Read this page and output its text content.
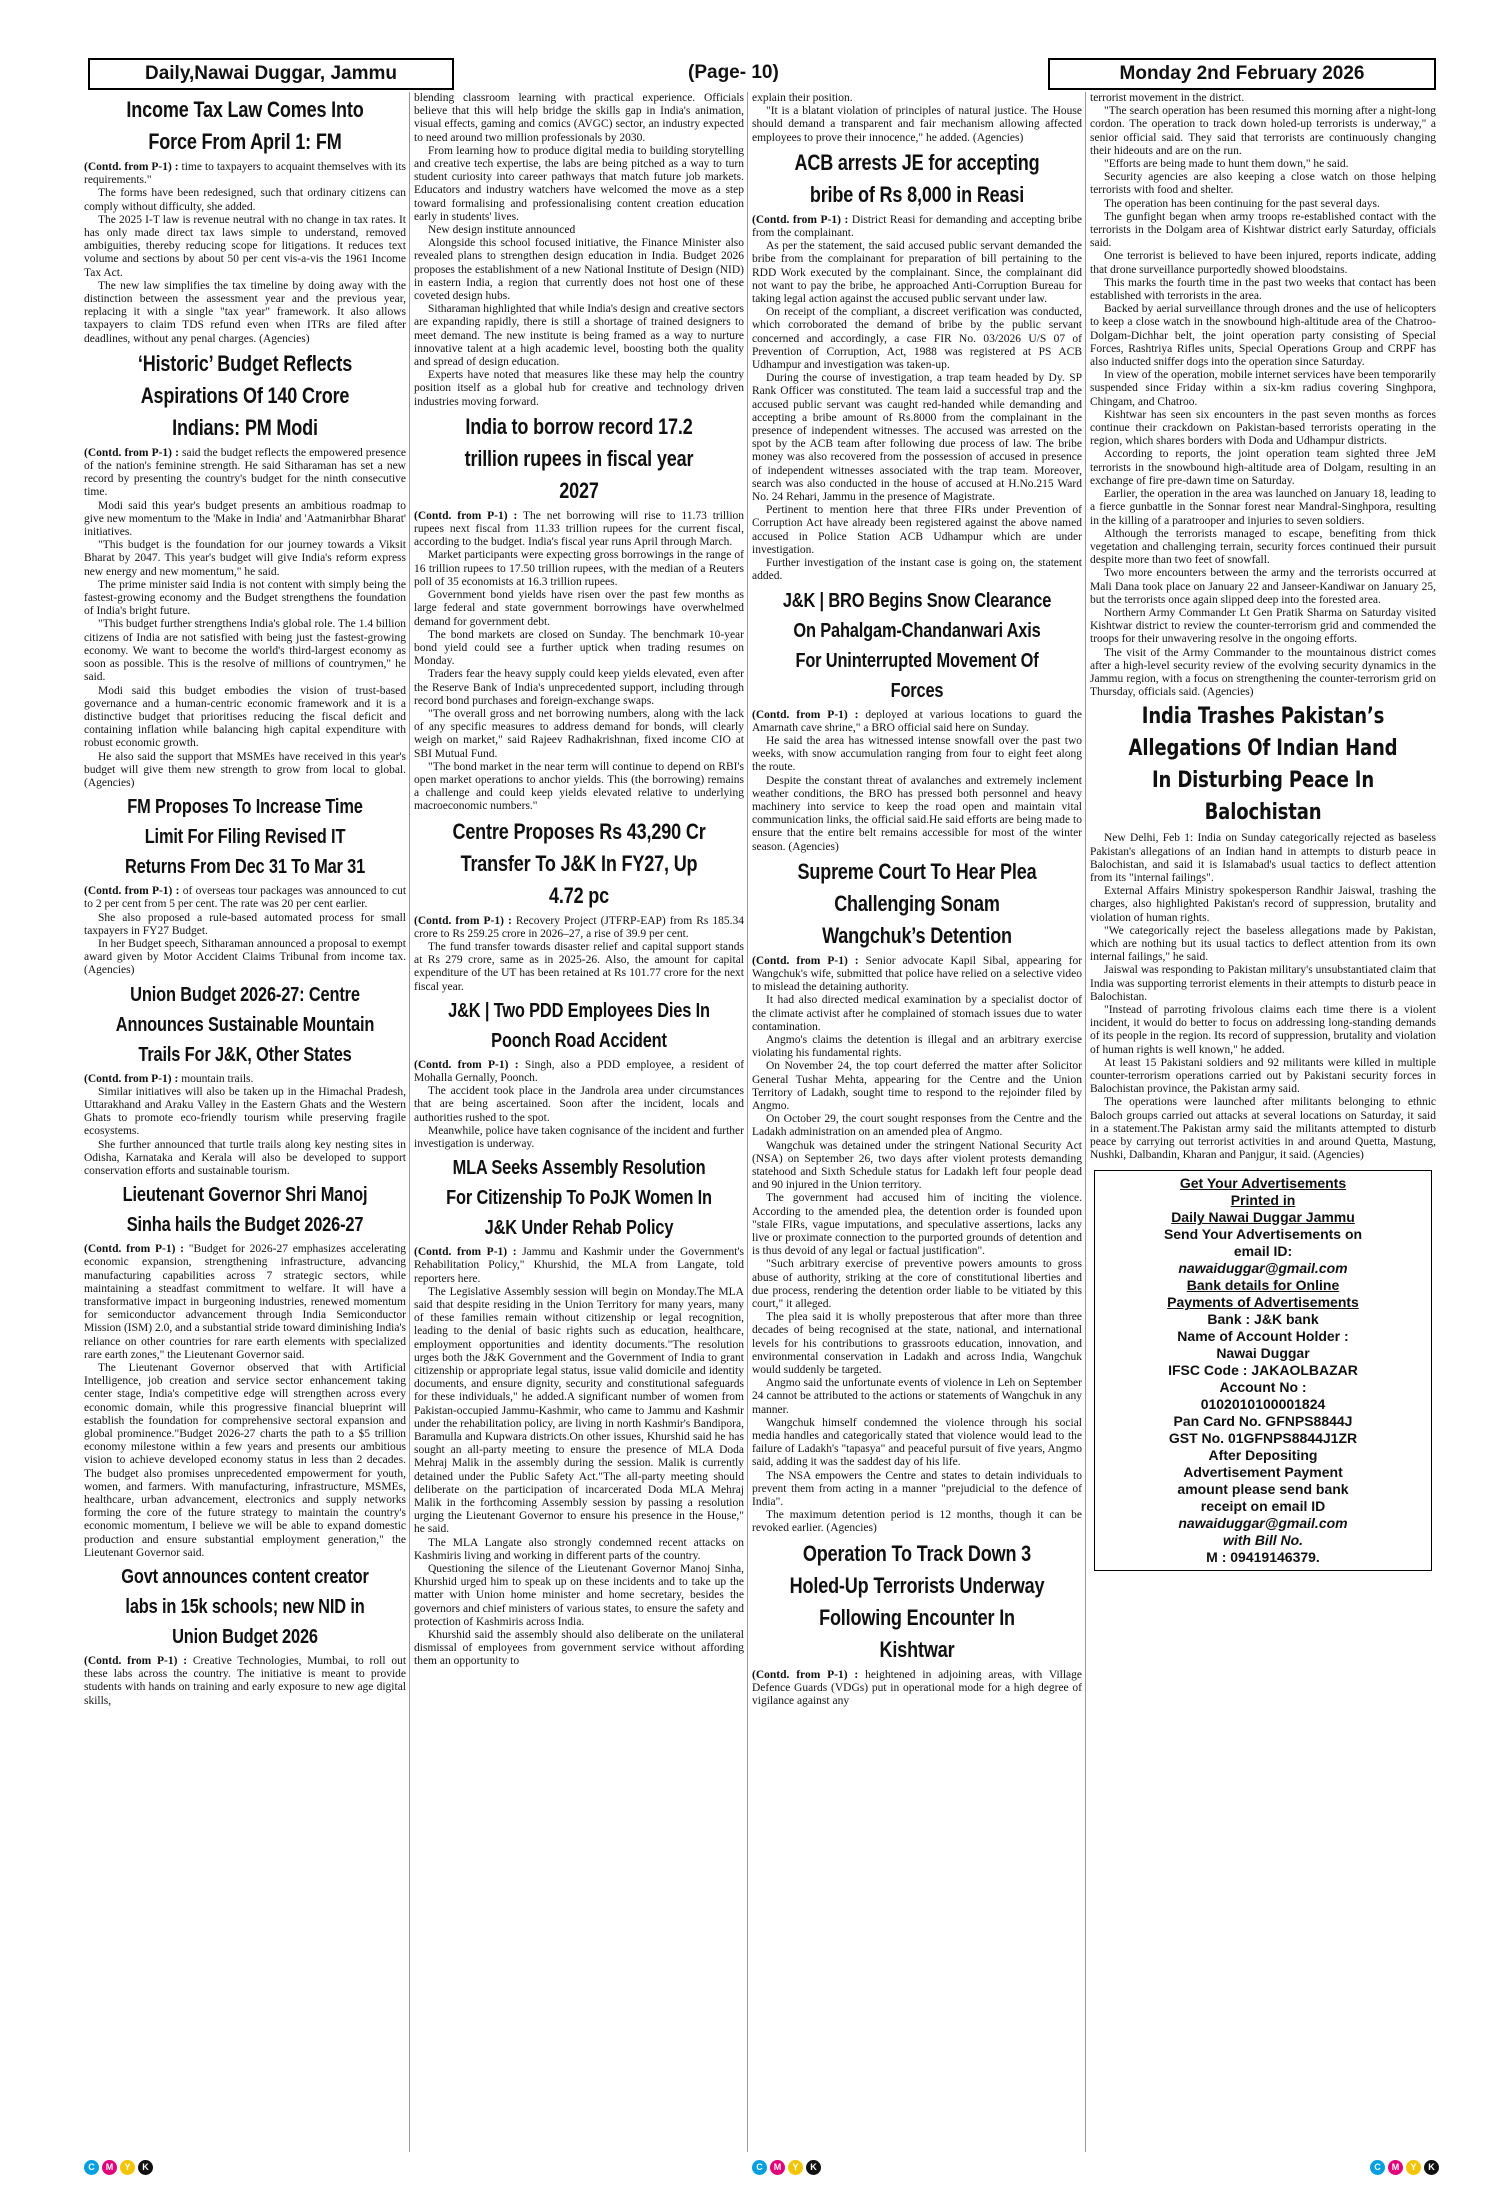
Daily,Nawai Duggar, Jammu	(Page- 10)	Monday 2nd February 2026
Income Tax Law Comes Into Force From April 1: FM

(Contd. from P-1) : time to taxpayers to acquaint themselves with its requirements."

The forms have been redesigned, such that ordinary citizens can comply without difficulty, she added.

The 2025 I-T law is revenue neutral with no change in tax rates. It has only made direct tax laws simple to understand, removed ambiguities, thereby reducing scope for litigations. It reduces text volume and sections by about 50 per cent vis-a-vis the 1961 Income Tax Act.

The new law simplifies the tax timeline by doing away with the distinction between the assessment year and the previous year, replacing it with a single "tax year" framework. It also allows taxpayers to claim TDS refund even when ITRs are filed after deadlines, without any penal charges. (Agencies)

‘Historic’ Budget Reflects Aspirations Of 140 Crore Indians: PM Modi

(Contd. from P-1) : said the budget reflects the empowered presence of the nation's feminine strength. He said Sitharaman has set a new record by presenting the country's budget for the ninth consecutive time.

Modi said this year's budget presents an ambitious roadmap to give new momentum to the 'Make in India' and 'Aatmanirbhar Bharat' initiatives.

"This budget is the foundation for our journey towards a Viksit Bharat by 2047. This year's budget will give India's reform express new energy and new momentum," he said.

The prime minister said India is not content with simply being the fastest-growing economy and the Budget strengthens the foundation of India's bright future.

"This budget further strengthens India's global role. The 1.4 billion citizens of India are not satisfied with being just the fastest-growing economy. We want to become the world's third-largest economy as soon as possible. This is the resolve of millions of countrymen," he said.

Modi said this budget embodies the vision of trust-based governance and a human-centric economic framework and it is a distinctive budget that prioritises reducing the fiscal deficit and containing inflation while balancing high capital expenditure with robust economic growth.

He also said the support that MSMEs have received in this year's budget will give them new strength to grow from local to global. (Agencies)

FM Proposes To Increase Time Limit For Filing Revised IT Returns From Dec 31 To Mar 31

(Contd. from P-1) : of overseas tour packages was announced to cut to 2 per cent from 5 per cent. The rate was 20 per cent earlier.

She also proposed a rule-based automated process for small taxpayers in FY27 Budget.

In her Budget speech, Sitharaman announced a proposal to exempt award given by Motor Accident Claims Tribunal from income tax. (Agencies)

Union Budget 2026-27: Centre Announces Sustainable Mountain Trails For J&K, Other States

(Contd. from P-1) : mountain trails.

Similar initiatives will also be taken up in the Himachal Pradesh, Uttarakhand and Araku Valley in the Eastern Ghats and the Western Ghats to promote eco-friendly tourism while preserving fragile ecosystems.

She further announced that turtle trails along key nesting sites in Odisha, Karnataka and Kerala will also be developed to support conservation efforts and sustainable tourism.

Lieutenant Governor Shri Manoj Sinha hails the Budget 2026-27

(Contd. from P-1) : "Budget for 2026-27 emphasizes accelerating economic expansion, strengthening infrastructure, advancing manufacturing capabilities across 7 strategic sectors, while maintaining a steadfast commitment to welfare. It will have a transformative impact in burgeoning industries, renewed momentum for semiconductor advancement through India Semiconductor Mission (ISM) 2.0, and a substantial stride toward diminishing India's reliance on other countries for rare earth elements with specialized rare earth zones," the Lieutenant Governor said.

The Lieutenant Governor observed that with Artificial Intelligence, job creation and service sector enhancement taking center stage, India's competitive edge will strengthen across every economic domain, while this progressive financial blueprint will establish the foundation for comprehensive sectoral expansion and global prominence."Budget 2026-27 charts the path to a $5 trillion economy milestone within a few years and presents our ambitious vision to achieve developed economy status in less than 2 decades. The budget also promises unprecedented empowerment for youth, women, and farmers. With manufacturing, infrastructure, MSMEs, healthcare, urban advancement, electronics and supply networks forming the core of the future strategy to maintain the country's economic momentum, I believe we will be able to expand domestic production and ensure substantial employment generation," the Lieutenant Governor said.

Govt announces content creator labs in 15k schools; new NID in Union Budget 2026

(Contd. from P-1) : Creative Technologies, Mumbai, to roll out these labs across the country. The initiative is meant to provide students with hands on training and early exposure to new age digital skills,

blending classroom learning with practical experience. Officials believe that this will help bridge the skills gap in India's animation, visual effects, gaming and comics (AVGC) sector, an industry expected to need around two million professionals by 2030.

From learning how to produce digital media to building storytelling and creative tech expertise, the labs are being pitched as a way to turn student curiosity into career pathways that match future job markets. Educators and industry watchers have welcomed the move as a step toward formalising and professionalising content creation education early in students' lives.

New design institute announced

Alongside this school focused initiative, the Finance Minister also revealed plans to strengthen design education in India. Budget 2026 proposes the establishment of a new National Institute of Design (NID) in eastern India, a region that currently does not host one of these coveted design hubs.

Sitharaman highlighted that while India's design and creative sectors are expanding rapidly, there is still a shortage of trained designers to meet demand. The new institute is being framed as a way to nurture innovative talent at a high academic level, boosting both the quality and spread of design education.

Experts have noted that measures like these may help the country position itself as a global hub for creative and technology driven industries moving forward.

India to borrow record 17.2 trillion rupees in fiscal year 2027

(Contd. from P-1) : The net borrowing will rise to 11.73 trillion rupees next fiscal from 11.33 trillion rupees for the current fiscal, according to the budget. India's fiscal year runs April through March.

Market participants were expecting gross borrowings in the range of 16 trillion rupees to 17.50 trillion rupees, with the median of a Reuters poll of 35 economists at 16.3 trillion rupees.

Government bond yields have risen over the past few months as large federal and state government borrowings have overwhelmed demand for government debt.

The bond markets are closed on Sunday. The benchmark 10-year bond yield could see a further uptick when trading resumes on Monday.

Traders fear the heavy supply could keep yields elevated, even after the Reserve Bank of India's unprecedented support, including through record bond purchases and foreign-exchange swaps.

"The overall gross and net borrowing numbers, along with the lack of any specific measures to address demand for bonds, will clearly weigh on market," said Rajeev Radhakrishnan, fixed income CIO at SBI Mutual Fund.

"The bond market in the near term will continue to depend on RBI's open market operations to anchor yields. This (the borrowing) remains a challenge and could keep yields elevated relative to underlying macroeconomic numbers."

Centre Proposes Rs 43,290 Cr Transfer To J&K In FY27, Up 4.72 pc

(Contd. from P-1) : Recovery Project (JTFRP-EAP) from Rs 185.34 crore to Rs 259.25 crore in 2026–27, a rise of 39.9 per cent.

The fund transfer towards disaster relief and capital support stands at Rs 279 crore, same as in 2025-26. Also, the amount for capital expenditure of the UT has been retained at Rs 101.77 crore for the next fiscal year.

J&K | Two PDD Employees Dies In Poonch Road Accident

(Contd. from P-1) : Singh, also a PDD employee, a resident of Mohalla Gernally, Poonch.

The accident took place in the Jandrola area under circumstances that are being ascertained. Soon after the incident, locals and authorities rushed to the spot.

Meanwhile, police have taken cognisance of the incident and further investigation is underway.

MLA Seeks Assembly Resolution For Citizenship To PoJK Women In J&K Under Rehab Policy

(Contd. from P-1) : Jammu and Kashmir under the Government's Rehabilitation Policy," Khurshid, the MLA from Langate, told reporters here.

The Legislative Assembly session will begin on Monday.The MLA said that despite residing in the Union Territory for many years, many of these families remain without citizenship or legal recognition, leading to the denial of basic rights such as education, healthcare, employment opportunities and identity documents."The resolution urges both the J&K Government and the Government of India to grant citizenship or appropriate legal status, issue valid domicile and identity documents, and ensure dignity, security and constitutional safeguards for these individuals," he added.A significant number of women from Pakistan-occupied Jammu-Kashmir, who came to Jammu and Kashmir under the rehabilitation policy, are living in north Kashmir's Bandipora, Baramulla and Kupwara districts.On other issues, Khurshid said he has sought an all-party meeting to ensure the presence of MLA Doda Mehraj Malik in the assembly during the session. Malik is currently detained under the Public Safety Act."The all-party meeting should deliberate on the participation of incarcerated Doda MLA Mehraj Malik in the forthcoming Assembly session by passing a resolution urging the Lieutenant Governor to ensure his presence in the House," he said.

The MLA Langate also strongly condemned recent attacks on Kashmiris living and working in different parts of the country.

Questioning the silence of the Lieutenant Governor Manoj Sinha, Khurshid urged him to speak up on these incidents and to take up the matter with Union home minister and home secretary, besides the governors and chief ministers of various states, to ensure the safety and protection of Kashmiris across India.

Khurshid said the assembly should also deliberate on the unilateral dismissal of employees from government service without affording them an opportunity to

explain their position.

"It is a blatant violation of principles of natural justice. The House should demand a transparent and fair mechanism allowing affected employees to prove their innocence," he added. (Agencies)

ACB arrests JE for accepting bribe of Rs 8,000 in Reasi

(Contd. from P-1) : District Reasi for demanding and accepting bribe from the complainant.

As per the statement, the said accused public servant demanded the bribe from the complainant for preparation of bill pertaining to the RDD Work executed by the complainant. Since, the complainant did not want to pay the bribe, he approached Anti-Corruption Bureau for taking legal action against the accused public servant under law.

On receipt of the compliant, a discreet verification was conducted, which corroborated the demand of bribe by the public servant concerned and accordingly, a case FIR No. 03/2026 U/S 07 of Prevention of Corruption, Act, 1988 was registered at PS ACB Udhampur and investigation was taken-up.

During the course of investigation, a trap team headed by Dy. SP Rank Officer was constituted. The team laid a successful trap and the accused public servant was caught red-handed while demanding and accepting a bribe amount of Rs.8000 from the complainant in the presence of independent witnesses. The accused was arrested on the spot by the ACB team after following due process of law. The bribe money was also recovered from the possession of accused in presence of independent witnesses associated with the trap team. Moreover, search was also conducted in the house of accused at H.No.215 Ward No. 24 Rehari, Jammu in the presence of Magistrate.

Pertinent to mention here that three FIRs under Prevention of Corruption Act have already been registered against the above named accused in Police Station ACB Udhampur which are under investigation.

Further investigation of the instant case is going on, the statement added.

J&K | BRO Begins Snow Clearance On Pahalgam-Chandanwari Axis For Uninterrupted Movement Of Forces

(Contd. from P-1) : deployed at various locations to guard the Amarnath cave shrine," a BRO official said here on Sunday.

He said the area has witnessed intense snowfall over the past two weeks, with snow accumulation ranging from four to eight feet along the route.

Despite the constant threat of avalanches and extremely inclement weather conditions, the BRO has pressed both personnel and heavy machinery into service to keep the road open and maintain vital communication links, the official said.He said efforts are being made to ensure that the entire belt remains accessible for most of the winter season. (Agencies)

Supreme Court To Hear Plea Challenging Sonam Wangchuk’s Detention

(Contd. from P-1) : Senior advocate Kapil Sibal, appearing for Wangchuk's wife, submitted that police have relied on a selective video to mislead the detaining authority.

It had also directed medical examination by a specialist doctor of the climate activist after he complained of stomach issues due to water contamination.

Angmo's claims the detention is illegal and an arbitrary exercise violating his fundamental rights.

On November 24, the top court deferred the matter after Solicitor General Tushar Mehta, appearing for the Centre and the Union Territory of Ladakh, sought time to respond to the rejoinder filed by Angmo.

On October 29, the court sought responses from the Centre and the Ladakh administration on an amended plea of Angmo.

Wangchuk was detained under the stringent National Security Act (NSA) on September 26, two days after violent protests demanding statehood and Sixth Schedule status for Ladakh left four people dead and 90 injured in the Union territory.

The government had accused him of inciting the violence. According to the amended plea, the detention order is founded upon "stale FIRs, vague imputations, and speculative assertions, lacks any live or proximate connection to the purported grounds of detention and is thus devoid of any legal or factual justification".

"Such arbitrary exercise of preventive powers amounts to gross abuse of authority, striking at the core of constitutional liberties and due process, rendering the detention order liable to be vitiated by this court," it alleged.

The plea said it is wholly preposterous that after more than three decades of being recognised at the state, national, and international levels for his contributions to grassroots education, innovation, and environmental conservation in Ladakh and across India, Wangchuk would suddenly be targeted.

Angmo said the unfortunate events of violence in Leh on September 24 cannot be attributed to the actions or statements of Wangchuk in any manner.

Wangchuk himself condemned the violence through his social media handles and categorically stated that violence would lead to the failure of Ladakh's "tapasya" and peaceful pursuit of five years, Angmo said, adding it was the saddest day of his life.

The NSA empowers the Centre and states to detain individuals to prevent them from acting in a manner "prejudicial to the defence of India".

The maximum detention period is 12 months, though it can be revoked earlier. (Agencies)

Operation To Track Down 3 Holed-Up Terrorists Underway Following Encounter In Kishtwar

(Contd. from P-1) : heightened in adjoining areas, with Village Defence Guards (VDGs) put in operational mode for a high degree of vigilance against any

terrorist movement in the district.

"The search operation has been resumed this morning after a night-long cordon. The operation to track down holed-up terrorists is underway," a senior official said. They said that terrorists are continuously changing their hideouts and are on the run.

"Efforts are being made to hunt them down," he said.

Security agencies are also keeping a close watch on those helping terrorists with food and shelter.

The operation has been continuing for the past several days.

The gunfight began when army troops re-established contact with the terrorists in the Dolgam area of Kishtwar district early Saturday, officials said.

One terrorist is believed to have been injured, reports indicate, adding that drone surveillance purportedly showed bloodstains.

This marks the fourth time in the past two weeks that contact has been established with terrorists in the area.

Backed by aerial surveillance through drones and the use of helicopters to keep a close watch in the snowbound high-altitude area of the Chatroo-Dolgam-Dichhar belt, the joint operation party consisting of Special Forces, Rashtriya Rifles units, Special Operations Group and CRPF has also inducted sniffer dogs into the operation since Saturday.

In view of the operation, mobile internet services have been temporarily suspended since Friday within a six-km radius covering Singhpora, Chingam, and Chatroo.

Kishtwar has seen six encounters in the past seven months as forces continue their crackdown on Pakistan-based terrorists operating in the region, which shares borders with Doda and Udhampur districts.

According to reports, the joint operation team sighted three JeM terrorists in the snowbound high-altitude area of Dolgam, resulting in an exchange of fire pre-dawn time on Saturday.

Earlier, the operation in the area was launched on January 18, leading to a fierce gunbattle in the Sonnar forest near Mandral-Singhpora, resulting in the killing of a paratrooper and injuries to seven soldiers.

Although the terrorists managed to escape, benefiting from thick vegetation and challenging terrain, security forces continued their pursuit despite more than two feet of snowfall.

Two more encounters between the army and the terrorists occurred at Mali Dana took place on January 22 and Janseer-Kandiwar on January 25, but the terrorists once again slipped deep into the forested area.

Northern Army Commander Lt Gen Pratik Sharma on Saturday visited Kishtwar district to review the counter-terrorism grid and commended the troops for their unwavering resolve in the ongoing efforts.

The visit of the Army Commander to the mountainous district comes after a high-level security review of the evolving security dynamics in the Jammu region, with a focus on strengthening the counter-terrorism grid on Thursday, officials said. (Agencies)

India Trashes Pakistan’s Allegations Of Indian Hand In Disturbing Peace In Balochistan

New Delhi, Feb 1: India on Sunday categorically rejected as baseless Pakistan's allegations of an Indian hand in attempts to disturb peace in Balochistan, and said it is Islamabad's usual tactics to deflect attention from its "internal failings".

External Affairs Ministry spokesperson Randhir Jaiswal, trashing the charges, also highlighted Pakistan's record of suppression, brutality and violation of human rights.

"We categorically reject the baseless allegations made by Pakistan, which are nothing but its usual tactics to deflect attention from its own internal failings," he said.

Jaiswal was responding to Pakistan military's unsubstantiated claim that India was supporting terrorist elements in their attempts to disturb peace in Balochistan.

"Instead of parroting frivolous claims each time there is a violent incident, it would do better to focus on addressing long-standing demands of its people in the region. Its record of suppression, brutality and violation of human rights is well known," he added.

At least 15 Pakistani soldiers and 92 militants were killed in multiple counter-terrorism operations carried out by Pakistani security forces in Balochistan province, the Pakistan army said.

The operations were launched after militants belonging to ethnic Baloch groups carried out attacks at several locations on Saturday, it said in a statement.The Pakistan army said the militants attempted to disturb peace by carrying out terrorist activities in and around Quetta, Mastung, Nushki, Dalbandin, Kharan and Panjgur, it said. (Agencies)

Get Your Advertisements
Printed in
Daily Nawai Duggar Jammu
Send Your Advertisements on
email ID:
nawaiduggar@gmail.com
Bank details for Online
Payments of Advertisements
Bank : J&K bank
Name of Account Holder :
Nawai Duggar
IFSC Code : JAKAOLBAZAR
Account No :
0102010100001824
Pan Card No. GFNPS8844J
GST No. 01GFNPS8844J1ZR
After Depositing
Advertisement Payment
amount please send bank
receipt on email ID
nawaiduggar@gmail.com
with Bill No.
M : 09419146379.
C	M	Y	K	C	M	Y	K	C	M	Y	K
